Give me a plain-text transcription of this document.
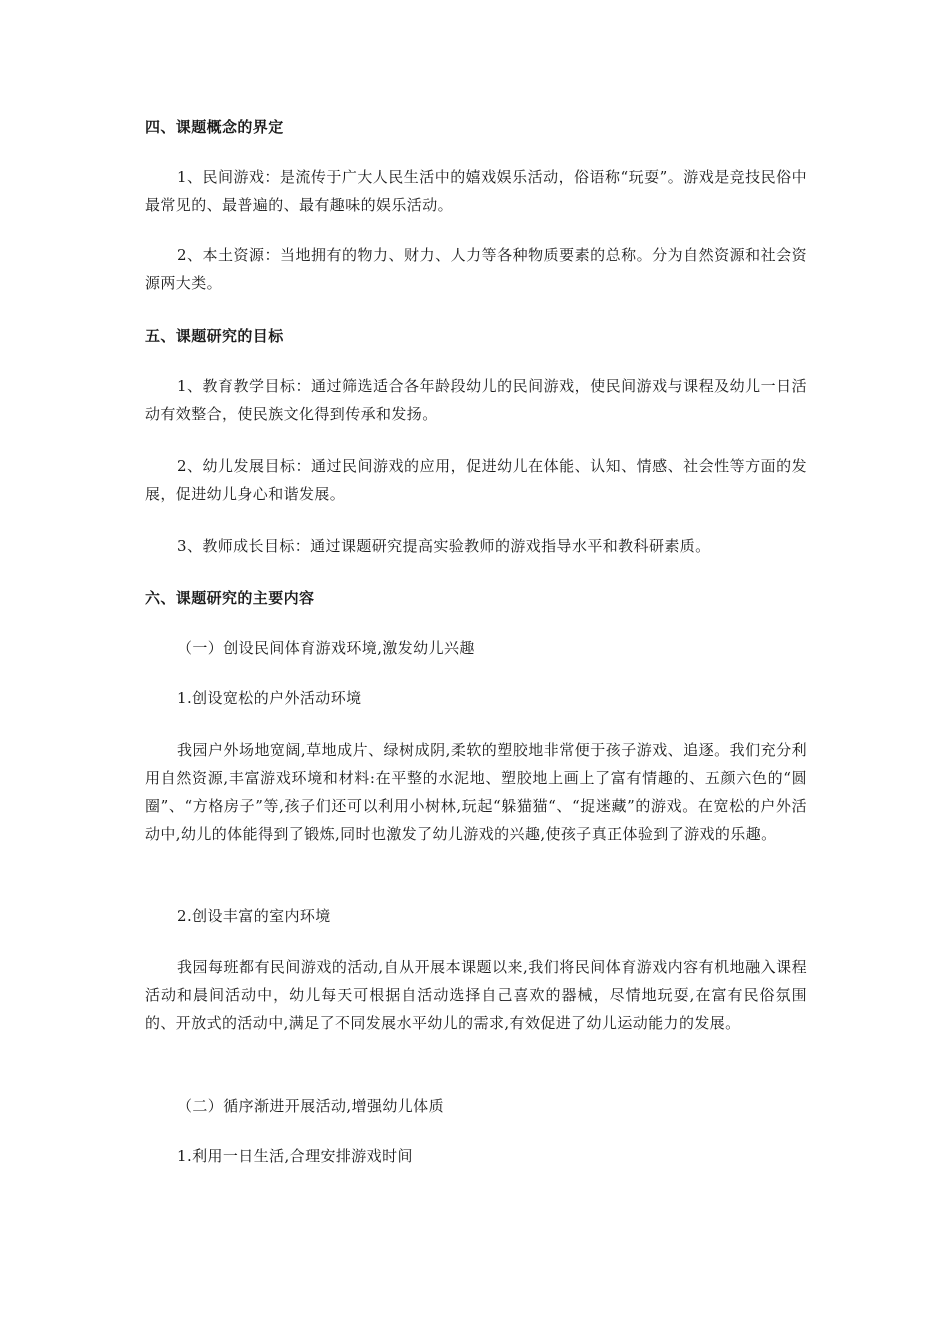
四、课题概念的界定

1、民间游戏：是流传于广大人民生活中的嬉戏娱乐活动，俗语称“玩耍”。游戏是竞技民俗中最常见的、最普遍的、最有趣味的娱乐活动。

2、本土资源：当地拥有的物力、财力、人力等各种物质要素的总称。分为自然资源和社会资源两大类。

五、课题研究的目标

1、教育教学目标：通过筛选适合各年龄段幼儿的民间游戏，使民间游戏与课程及幼儿一日活动有效整合，使民族文化得到传承和发扬。

2、幼儿发展目标：通过民间游戏的应用，促进幼儿在体能、认知、情感、社会性等方面的发展，促进幼儿身心和谐发展。

3、教师成长目标：通过课题研究提高实验教师的游戏指导水平和教科研素质。

六、课题研究的主要内容

（一）创设民间体育游戏环境,激发幼儿兴趣

1.创设宽松的户外活动环境

我园户外场地宽阔,草地成片、绿树成阴,柔软的塑胶地非常便于孩子游戏、追逐。我们充分利用自然资源,丰富游戏环境和材料:在平整的水泥地、塑胶地上画上了富有情趣的、五颜六色的“圆圈”、“方格房子”等,孩子们还可以利用小树林,玩起“躲猫猫“、“捉迷藏”的游戏。在宽松的户外活动中,幼儿的体能得到了锻炼,同时也激发了幼儿游戏的兴趣,使孩子真正体验到了游戏的乐趣。

2.创设丰富的室内环境

我园每班都有民间游戏的活动,自从开展本课题以来,我们将民间体育游戏内容有机地融入课程活动和晨间活动中，幼儿每天可根据自活动选择自己喜欢的器械，尽情地玩耍,在富有民俗氛围的、开放式的活动中,满足了不同发展水平幼儿的需求,有效促进了幼儿运动能力的发展。

（二）循序渐进开展活动,增强幼儿体质

1.利用一日生活,合理安排游戏时间
